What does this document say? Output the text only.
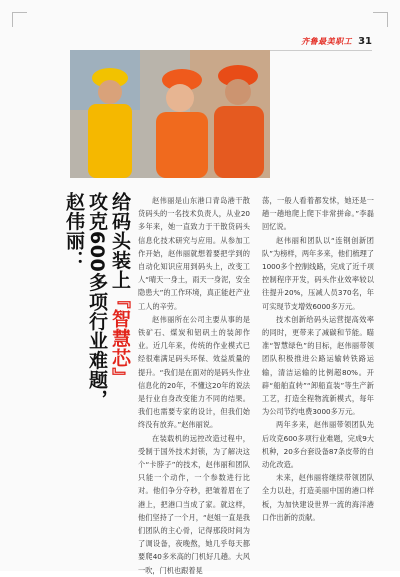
齐鲁最美职工 31
给码头装上『智慧芯』
攻克600多项行业难题，
赵伟丽：	赵伟丽是山东港口青岛港干散货码头的一名技术负责人，从业20多年来，她一直致力于干散货码头信息化技术研究与应用。从参加工作开始，赵伟丽就想着要把学到的自动化知识应用到码头上，改变工人“晴天一身土，雨天一身泥，安全隐患大”的工作环境，真正能赶产业工人的辛劳。

赵伟丽所在公司主要从事的是铁矿石、煤炭和铝矾土的装卸作业。近几年来，传统的作业模式已经很难满足码头环保、效益质量的提升。“我们是在面对的是码头作业信息化的20年，不懂这20年的说法是行业自身改变能力不同的结果。我们也需要专家的设计，但我们始终没有放弃。”赵伟丽说。

在装载机的远控改造过程中，受制于国外技术封锁，为了解决这个“卡脖子”的技术，赵伟丽和团队只能一个动作，一个参数进行比对。他们争分夺秒，把皱着眉在了港上，把港口当成了家。就这样，他们坚持了一个月，“赵姐一直是我们团队的主心骨，记得那段时间为了调设备，夜晚熬，她几乎每天都要爬40多米高的门机好几趟。大风一吹，门机也跟着晃

荡，一般人看着都发怵，她还是一趟一趟地爬上爬下非常拼命。”李磊回忆说。

赵伟丽和团队以“连钢创新团队”为榜样，两年多来，他们梳理了1000多个控制线路，完成了近千项控制程序开发，码头作业效率较以往提升20%，压减人员370名，年可实现节支增效6000多万元。

技术创新给码头运营提高效率的同时，更带来了减碳和节能。瞄准“智慧绿色”的目标，赵伟丽带领团队积极推进公路运输转铁路运输，清洁运输的比例超80%。开辟“船舶直转”“卸船直装”等生产新工艺，打造全程物流新模式，每年为公司节约电费3000多万元。

两年多来，赵伟丽带领团队先后攻克600多项行业难题，完成9大机种，20多台套设备87条皮带的自动化改造。

未来，赵伟丽将继续带领团队全力以赴，打造美丽中国的港口样板，为加快建设世界一流的海洋港口作出新的贡献。
